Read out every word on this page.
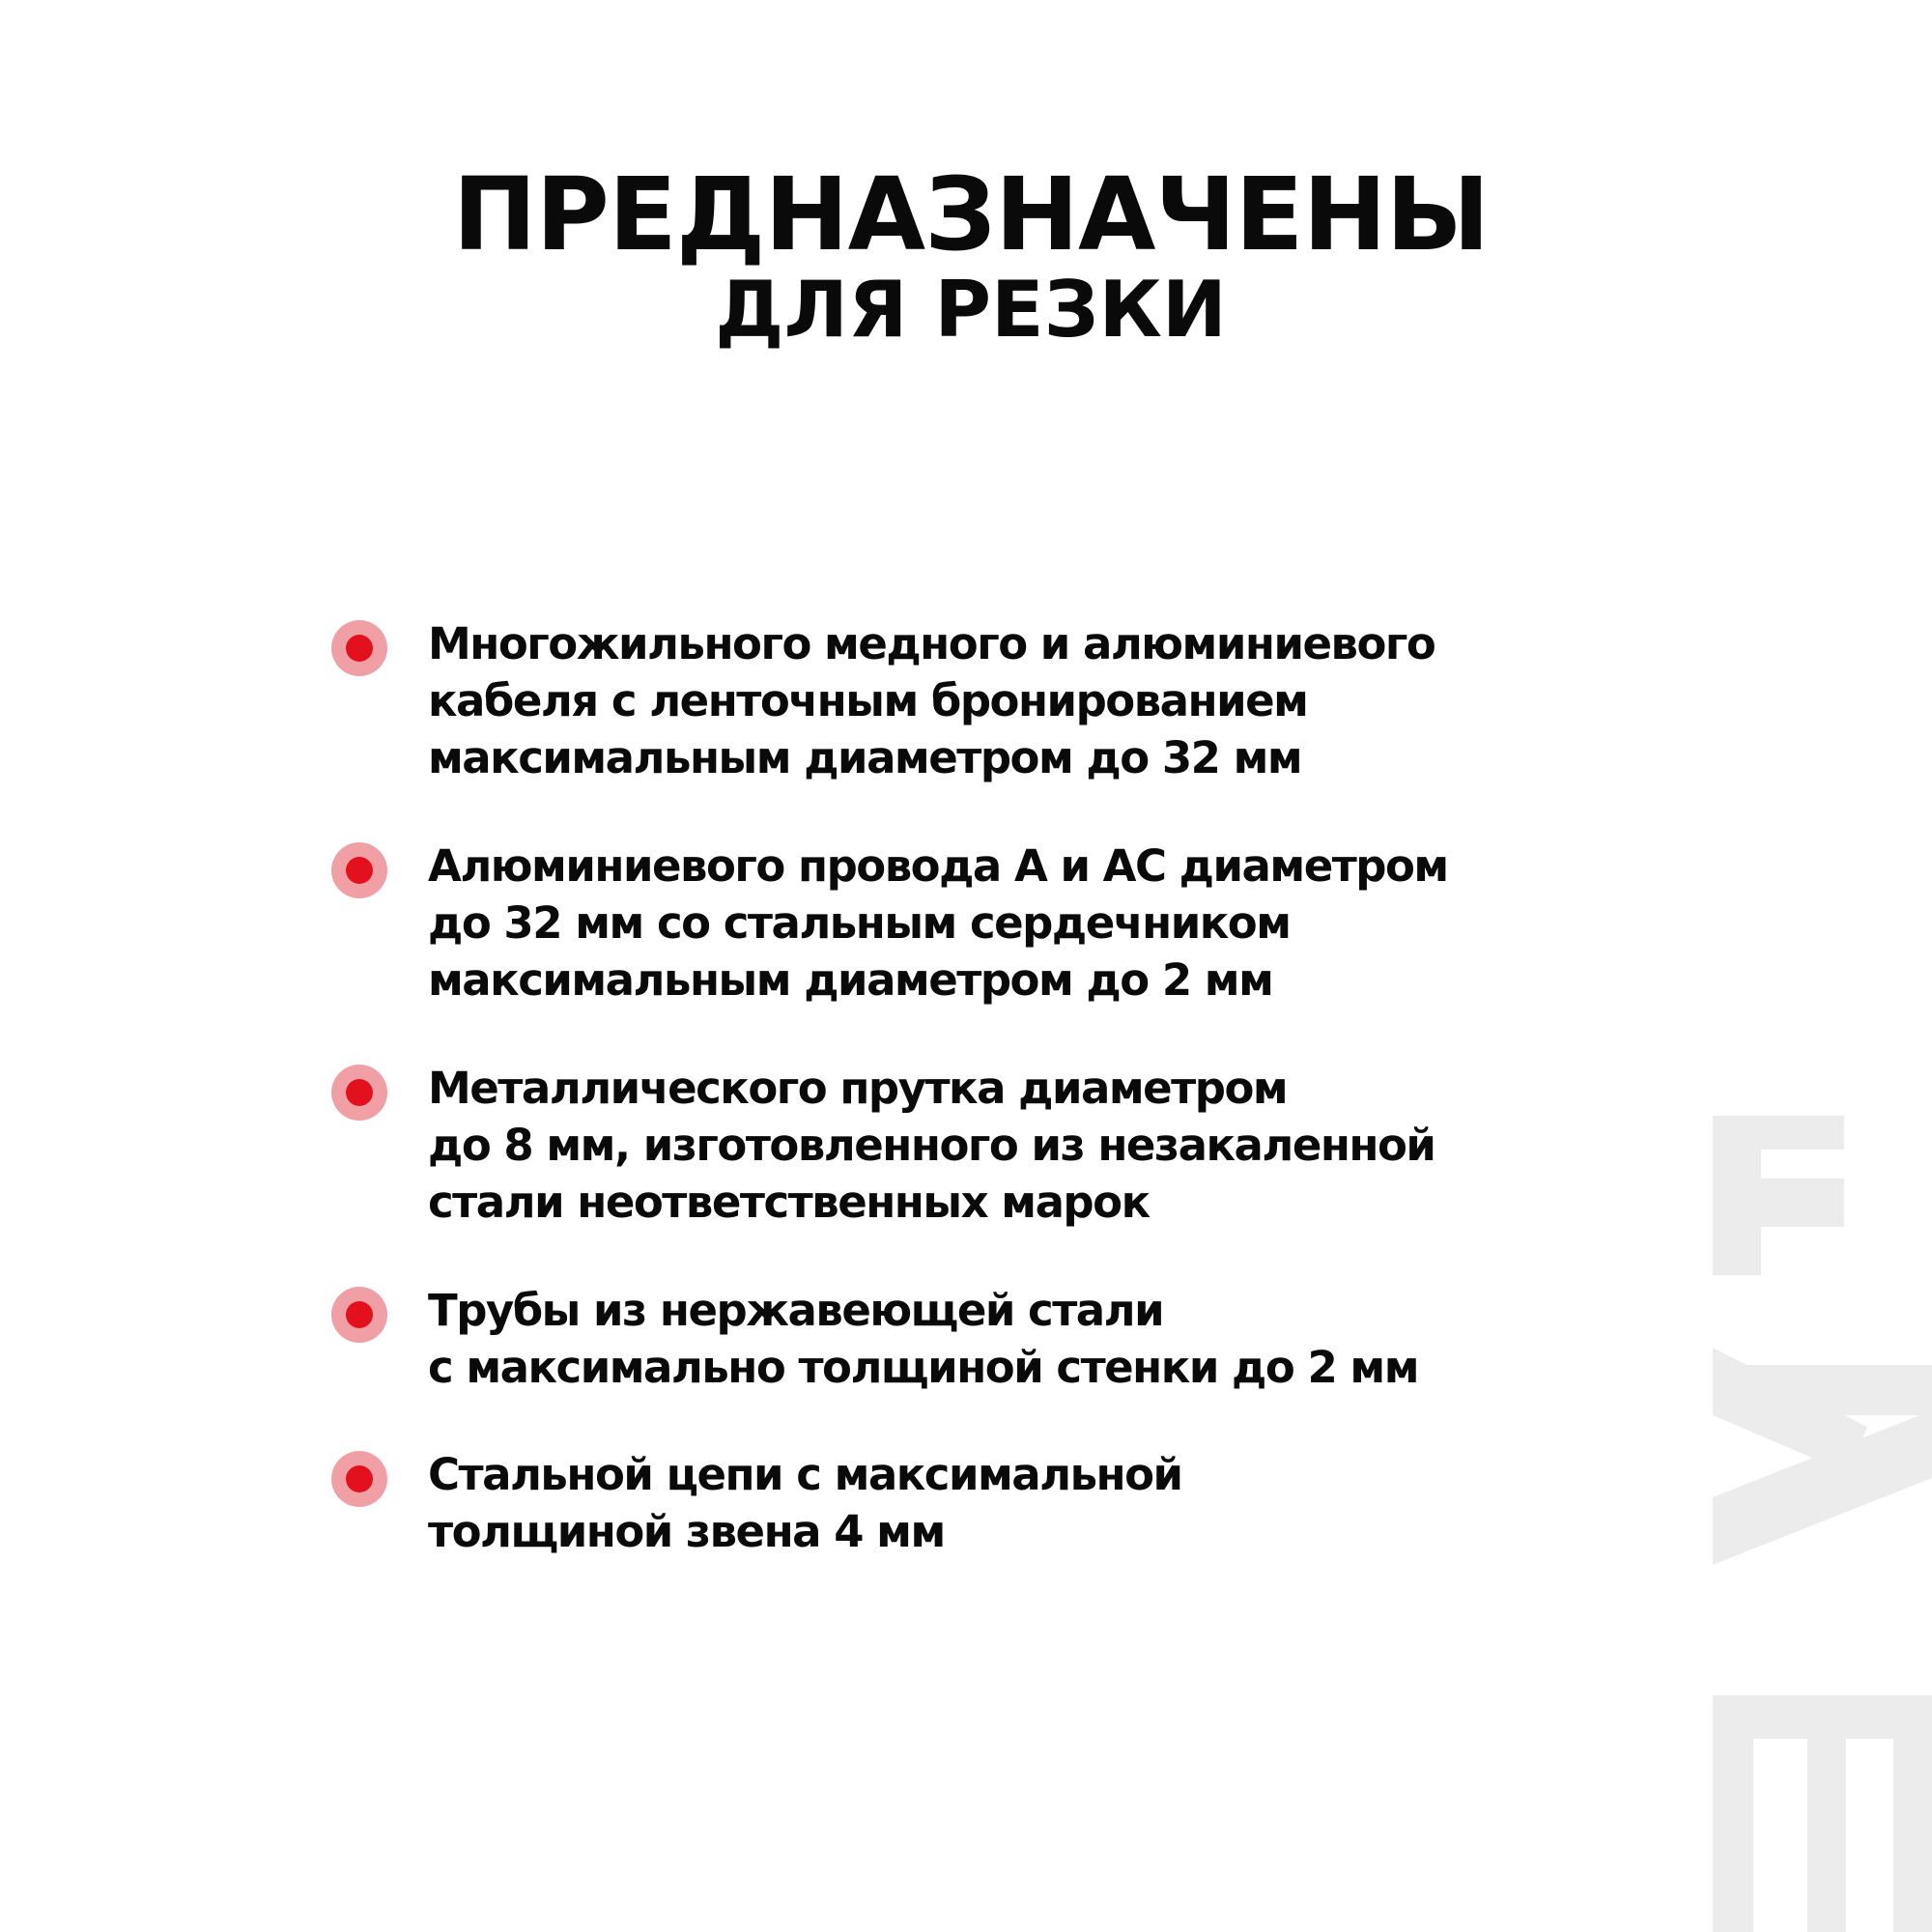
ПРЕДНАЗНАЧЕНЫ
ДЛЯ РЕЗКИ

Многожильного медного и алюминиевого
кабеля с ленточным бронированием
максимальным диаметром до 32 мм

Алюминиевого провода А и АС диаметром
до 32 мм со стальным сердечником
максимальным диаметром до 2 мм

Металлического прутка диаметром
до 8 мм, изготовленного из незакаленной
стали неответственных марок

Трубы из нержавеющей стали
с максимально толщиной стенки до 2 мм

Стальной цепи с максимальной
толщиной звена 4 мм
